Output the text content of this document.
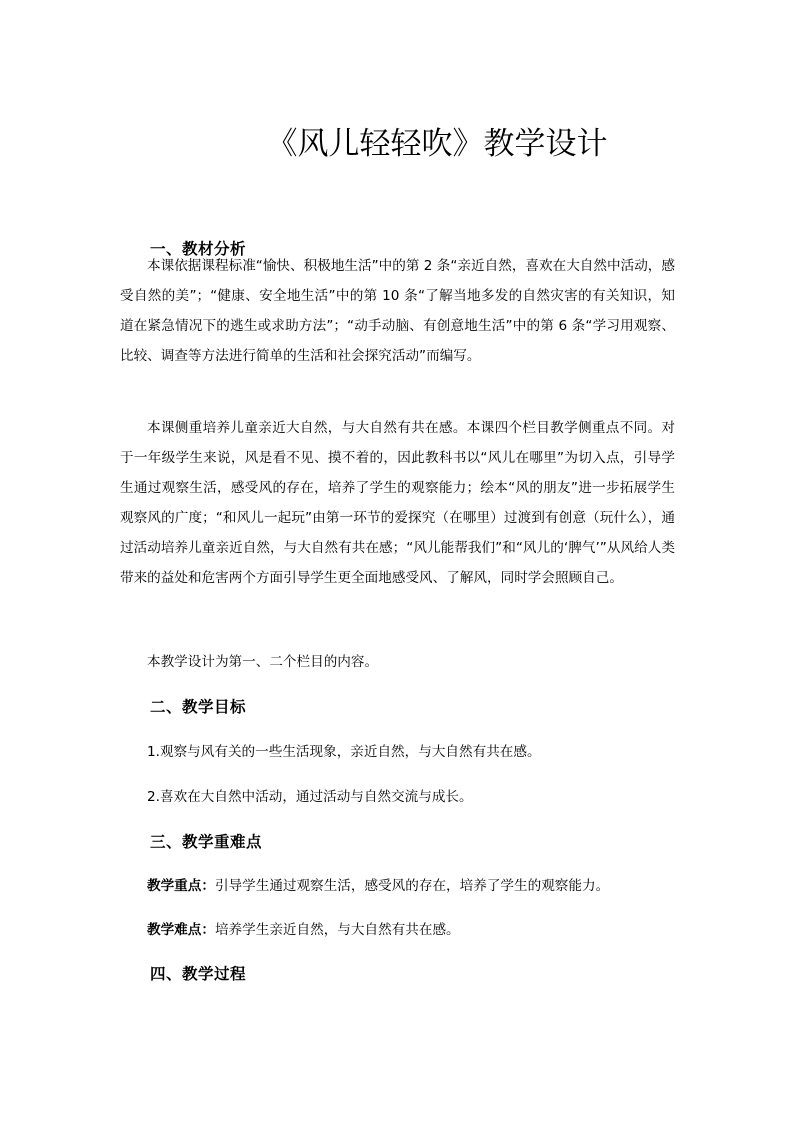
《风儿轻轻吹》教学设计
一、教材分析
本课依据课程标准“愉快、积极地生活”中的第 2 条“亲近自然，喜欢在大自然中活动，感受自然的美”；“健康、安全地生活”中的第 10 条“了解当地多发的自然灾害的有关知识，知道在紧急情况下的逃生或求助方法”；“动手动脑、有创意地生活”中的第 6 条“学习用观察、比较、调查等方法进行简单的生活和社会探究活动”而编写。
本课侧重培养儿童亲近大自然，与大自然有共在感。本课四个栏目教学侧重点不同。对于一年级学生来说，风是看不见、摸不着的，因此教科书以“风儿在哪里”为切入点，引导学生通过观察生活，感受风的存在，培养了学生的观察能力；绘本“风的朋友”进一步拓展学生观察风的广度；“和风儿一起玩”由第一环节的爱探究（在哪里）过渡到有创意（玩什么），通过活动培养儿童亲近自然，与大自然有共在感；“风儿能帮我们”和“风儿的‘脾气’”从风给人类带来的益处和危害两个方面引导学生更全面地感受风、了解风，同时学会照顾自己。
本教学设计为第一、二个栏目的内容。
二、教学目标
1.观察与风有关的一些生活现象，亲近自然，与大自然有共在感。
2.喜欢在大自然中活动，通过活动与自然交流与成长。
三、教学重难点
教学重点：引导学生通过观察生活，感受风的存在，培养了学生的观察能力。
教学难点：培养学生亲近自然，与大自然有共在感。
四、教学过程
